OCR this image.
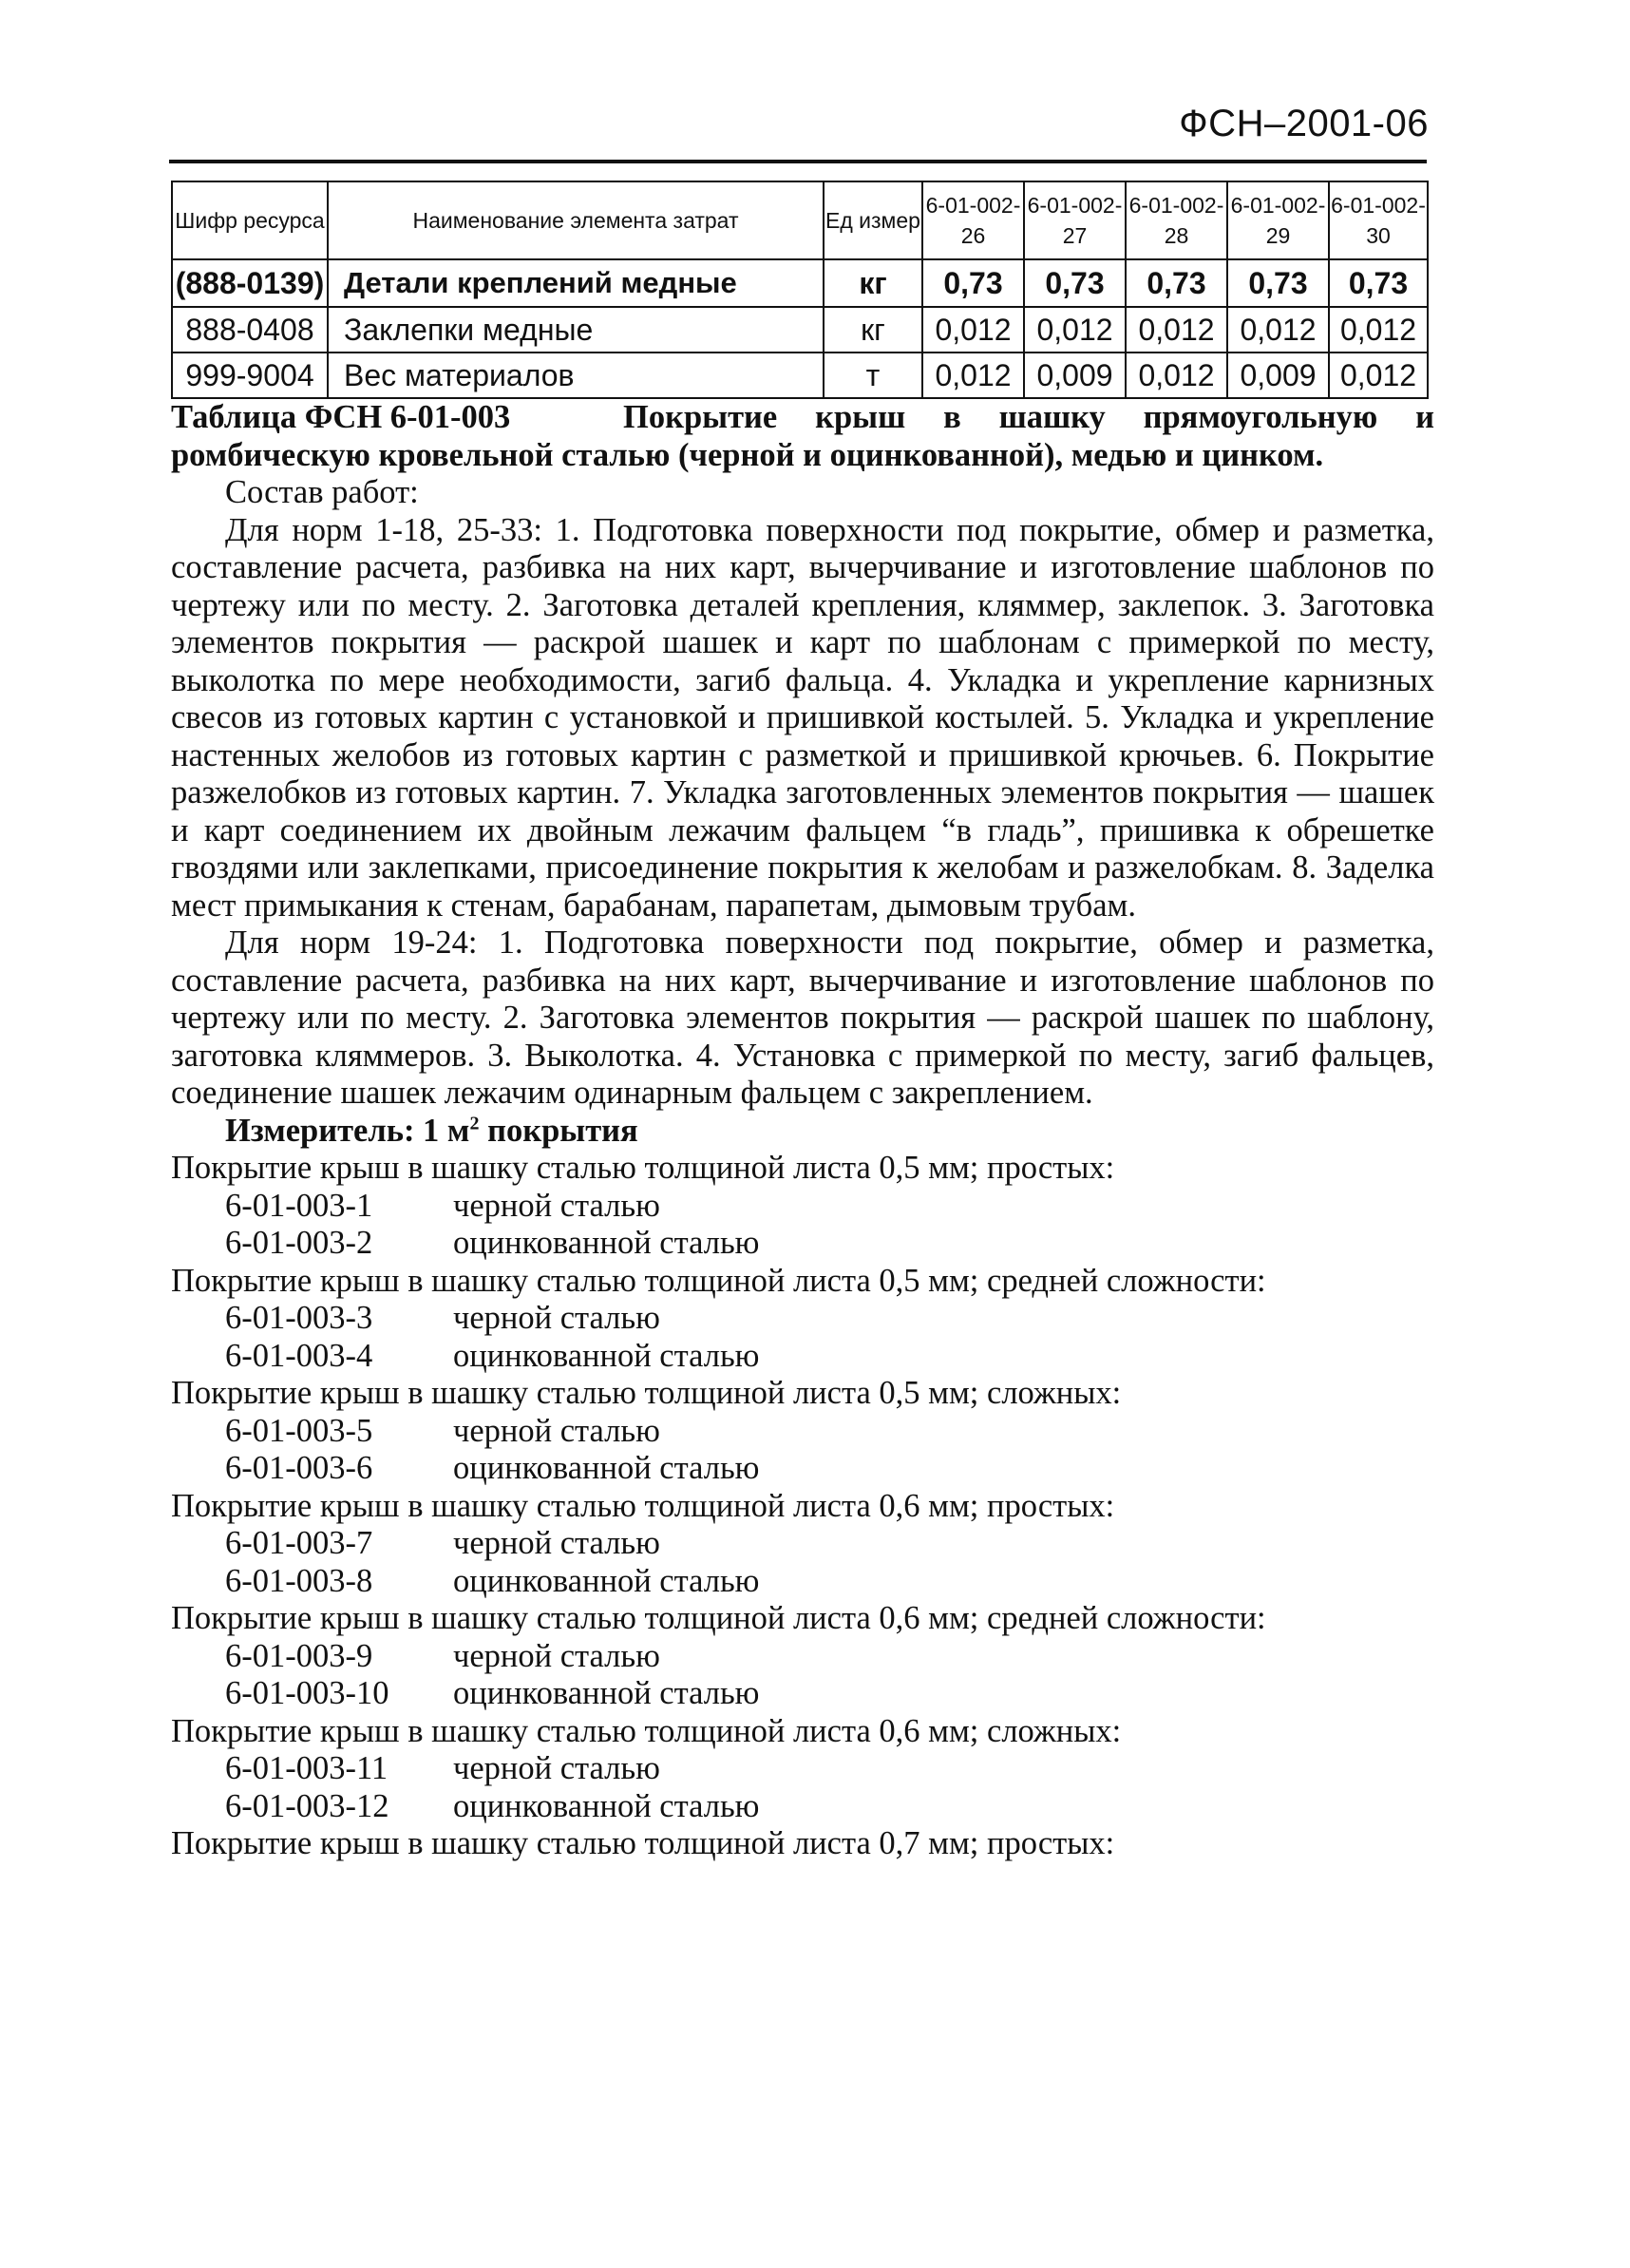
ФСН–2001-06
Шифр ресурса	Наименование элемента затрат	Ед измер	6-01-002-26	6-01-002-27	6-01-002-28	6-01-002-29	6-01-002-30
(888-0139)	Детали креплений медные	кг	0,73	0,73	0,73	0,73	0,73
888-0408	Заклепки медные	кг	0,012	0,012	0,012	0,012	0,012
999-9004	Вес материалов	т	0,012	0,009	0,012	0,009	0,012

Таблица ФСН 6-01-003	Покрытие крыш в шашку прямоугольную и ромбическую кровельной сталью (черной и оцинкованной), медью и цинком.

Состав работ:

Для норм 1-18, 25-33: 1. Подготовка поверхности под покрытие, обмер и разметка, составление расчета, разбивка на них карт, вычерчивание и изготовление шаблонов по чертежу или по месту. 2. Заготовка деталей крепления, кляммер, заклепок. 3. Заготовка элементов покрытия — раскрой шашек и карт по шаблонам с примеркой по месту, выколотка по мере необходимости, загиб фальца. 4. Укладка и укрепление карнизных свесов из готовых картин с установкой и пришивкой костылей. 5. Укладка и укрепление настенных желобов из готовых картин с разметкой и пришивкой крючьев. 6. Покрытие разжелобков из готовых картин. 7. Укладка заготовленных элементов покрытия — шашек и карт соединением их двойным лежачим фальцем “в гладь”, пришивка к обрешетке гвоздями или заклепками, присоединение покрытия к желобам и разжелобкам. 8. Заделка мест примыкания к стенам, барабанам, парапетам, дымовым трубам.

Для норм 19-24: 1. Подготовка поверхности под покрытие, обмер и разметка, составление расчета, разбивка на них карт, вычерчивание и изготовление шаблонов по чертежу или по месту. 2. Заготовка элементов покрытия — раскрой шашек по шаблону, заготовка кляммеров. 3. Выколотка. 4. Установка с примеркой по месту, загиб фальцев, соединение шашек лежачим одинарным фальцем с закреплением.

Измеритель: 1 $м^2$ покрытия

Покрытие крыш в шашку сталью толщиной листа 0,5 мм; простых:

6-01-003-1	черной сталью
6-01-003-2	оцинкованной сталью

Покрытие крыш в шашку сталью толщиной листа 0,5 мм; средней сложности:

6-01-003-3	черной сталью
6-01-003-4	оцинкованной сталью

Покрытие крыш в шашку сталью толщиной листа 0,5 мм; сложных:

6-01-003-5	черной сталью
6-01-003-6	оцинкованной сталью

Покрытие крыш в шашку сталью толщиной листа 0,6 мм; простых:

6-01-003-7	черной сталью
6-01-003-8	оцинкованной сталью

Покрытие крыш в шашку сталью толщиной листа 0,6 мм; средней сложности:

6-01-003-9	черной сталью
6-01-003-10	оцинкованной сталью

Покрытие крыш в шашку сталью толщиной листа 0,6 мм; сложных:

6-01-003-11	черной сталью
6-01-003-12	оцинкованной сталью

Покрытие крыш в шашку сталью толщиной листа 0,7 мм; простых:
